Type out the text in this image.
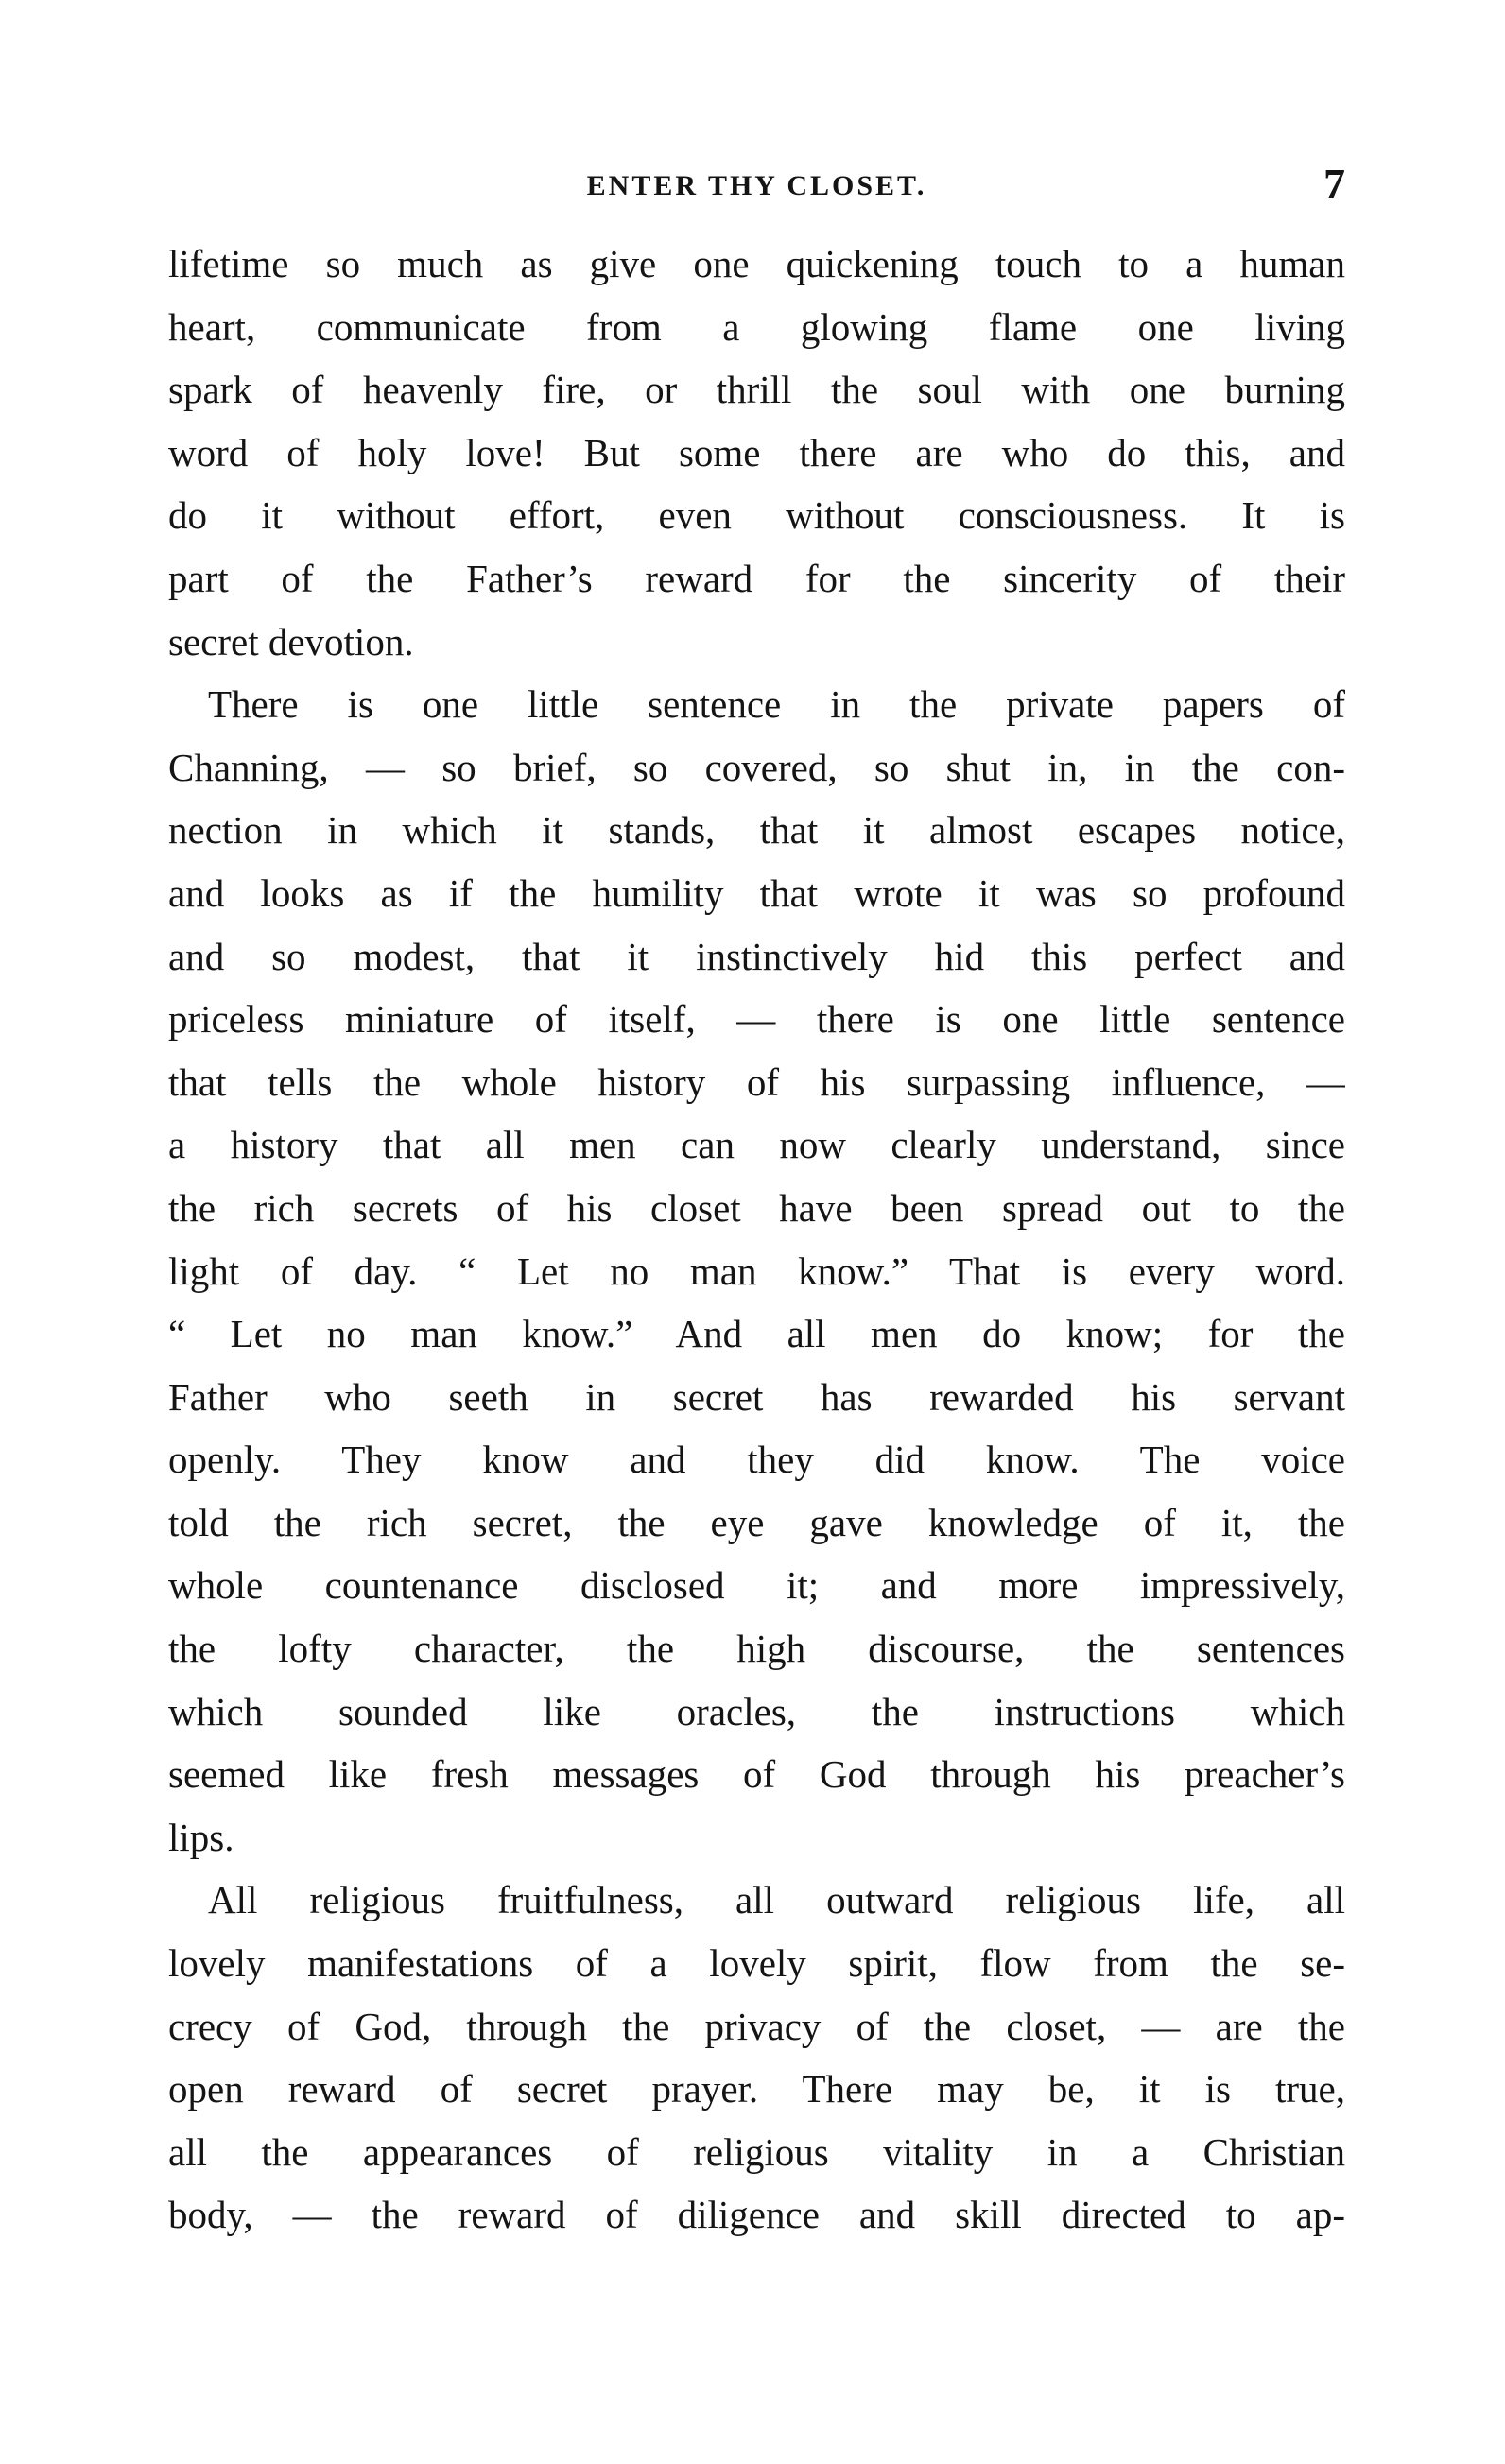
ENTER THY CLOSET.	7
lifetime so much as give one quickening touch to a human
heart, communicate from a glowing flame one living
spark of heavenly fire, or thrill the soul with one burning
word of holy love! But some there are who do this, and
do it without effort, even without consciousness. It is
part of the Father’s reward for the sincerity of their
secret devotion.
There is one little sentence in the private papers of
Channing, — so brief, so covered, so shut in, in the con-
nection in which it stands, that it almost escapes notice,
and looks as if the humility that wrote it was so profound
and so modest, that it instinctively hid this perfect and
priceless miniature of itself, — there is one little sentence
that tells the whole history of his surpassing influence, —
a history that all men can now clearly understand, since
the rich secrets of his closet have been spread out to the
light of day. “ Let no man know.” That is every word.
“ Let no man know.” And all men do know; for the
Father who seeth in secret has rewarded his servant
openly. They know and they did know. The voice
told the rich secret, the eye gave knowledge of it, the
whole countenance disclosed it; and more impressively,
the lofty character, the high discourse, the sentences
which sounded like oracles, the instructions which
seemed like fresh messages of God through his preacher’s
lips.
All religious fruitfulness, all outward religious life, all
lovely manifestations of a lovely spirit, flow from the se-
crecy of God, through the privacy of the closet, — are the
open reward of secret prayer. There may be, it is true,
all the appearances of religious vitality in a Christian
body, — the reward of diligence and skill directed to ap-
